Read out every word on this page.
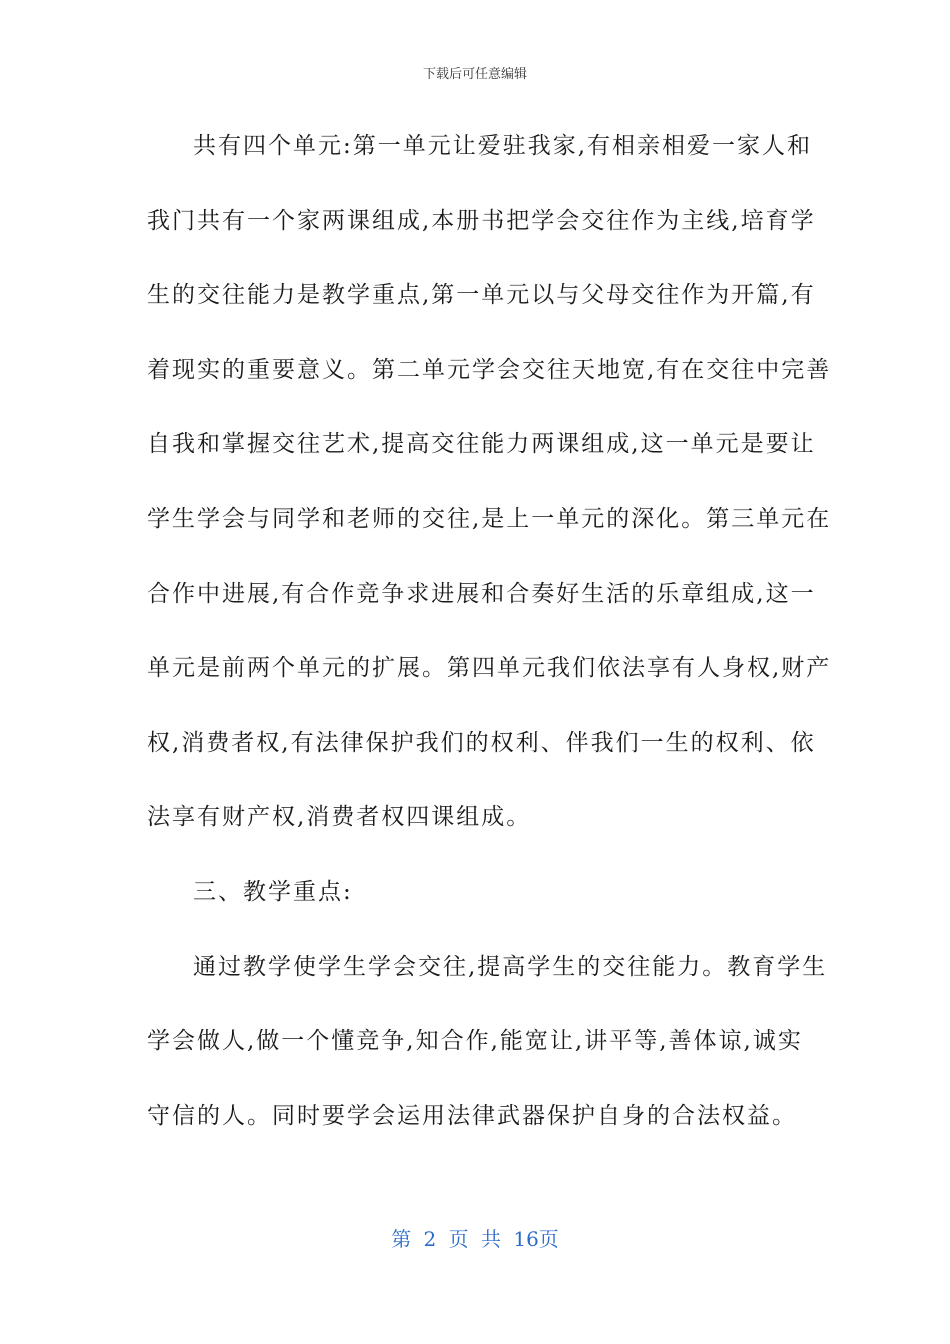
下载后可任意编辑
共有四个单元:第一单元让爱驻我家,有相亲相爱一家人和
我门共有一个家两课组成,本册书把学会交往作为主线,培育学
生的交往能力是教学重点,第一单元以与父母交往作为开篇,有
着现实的重要意义。第二单元学会交往天地宽,有在交往中完善
自我和掌握交往艺术,提高交往能力两课组成,这一单元是要让
学生学会与同学和老师的交往,是上一单元的深化。第三单元在
合作中进展,有合作竞争求进展和合奏好生活的乐章组成,这一
单元是前两个单元的扩展。第四单元我们依法享有人身权,财产
权,消费者权,有法律保护我们的权利、伴我们一生的权利、依
法享有财产权,消费者权四课组成。
三、教学重点:
通过教学使学生学会交往,提高学生的交往能力。教育学生
学会做人,做一个懂竞争,知合作,能宽让,讲平等,善体谅,诚实
守信的人。同时要学会运用法律武器保护自身的合法权益。
第 2 页 共 16页
